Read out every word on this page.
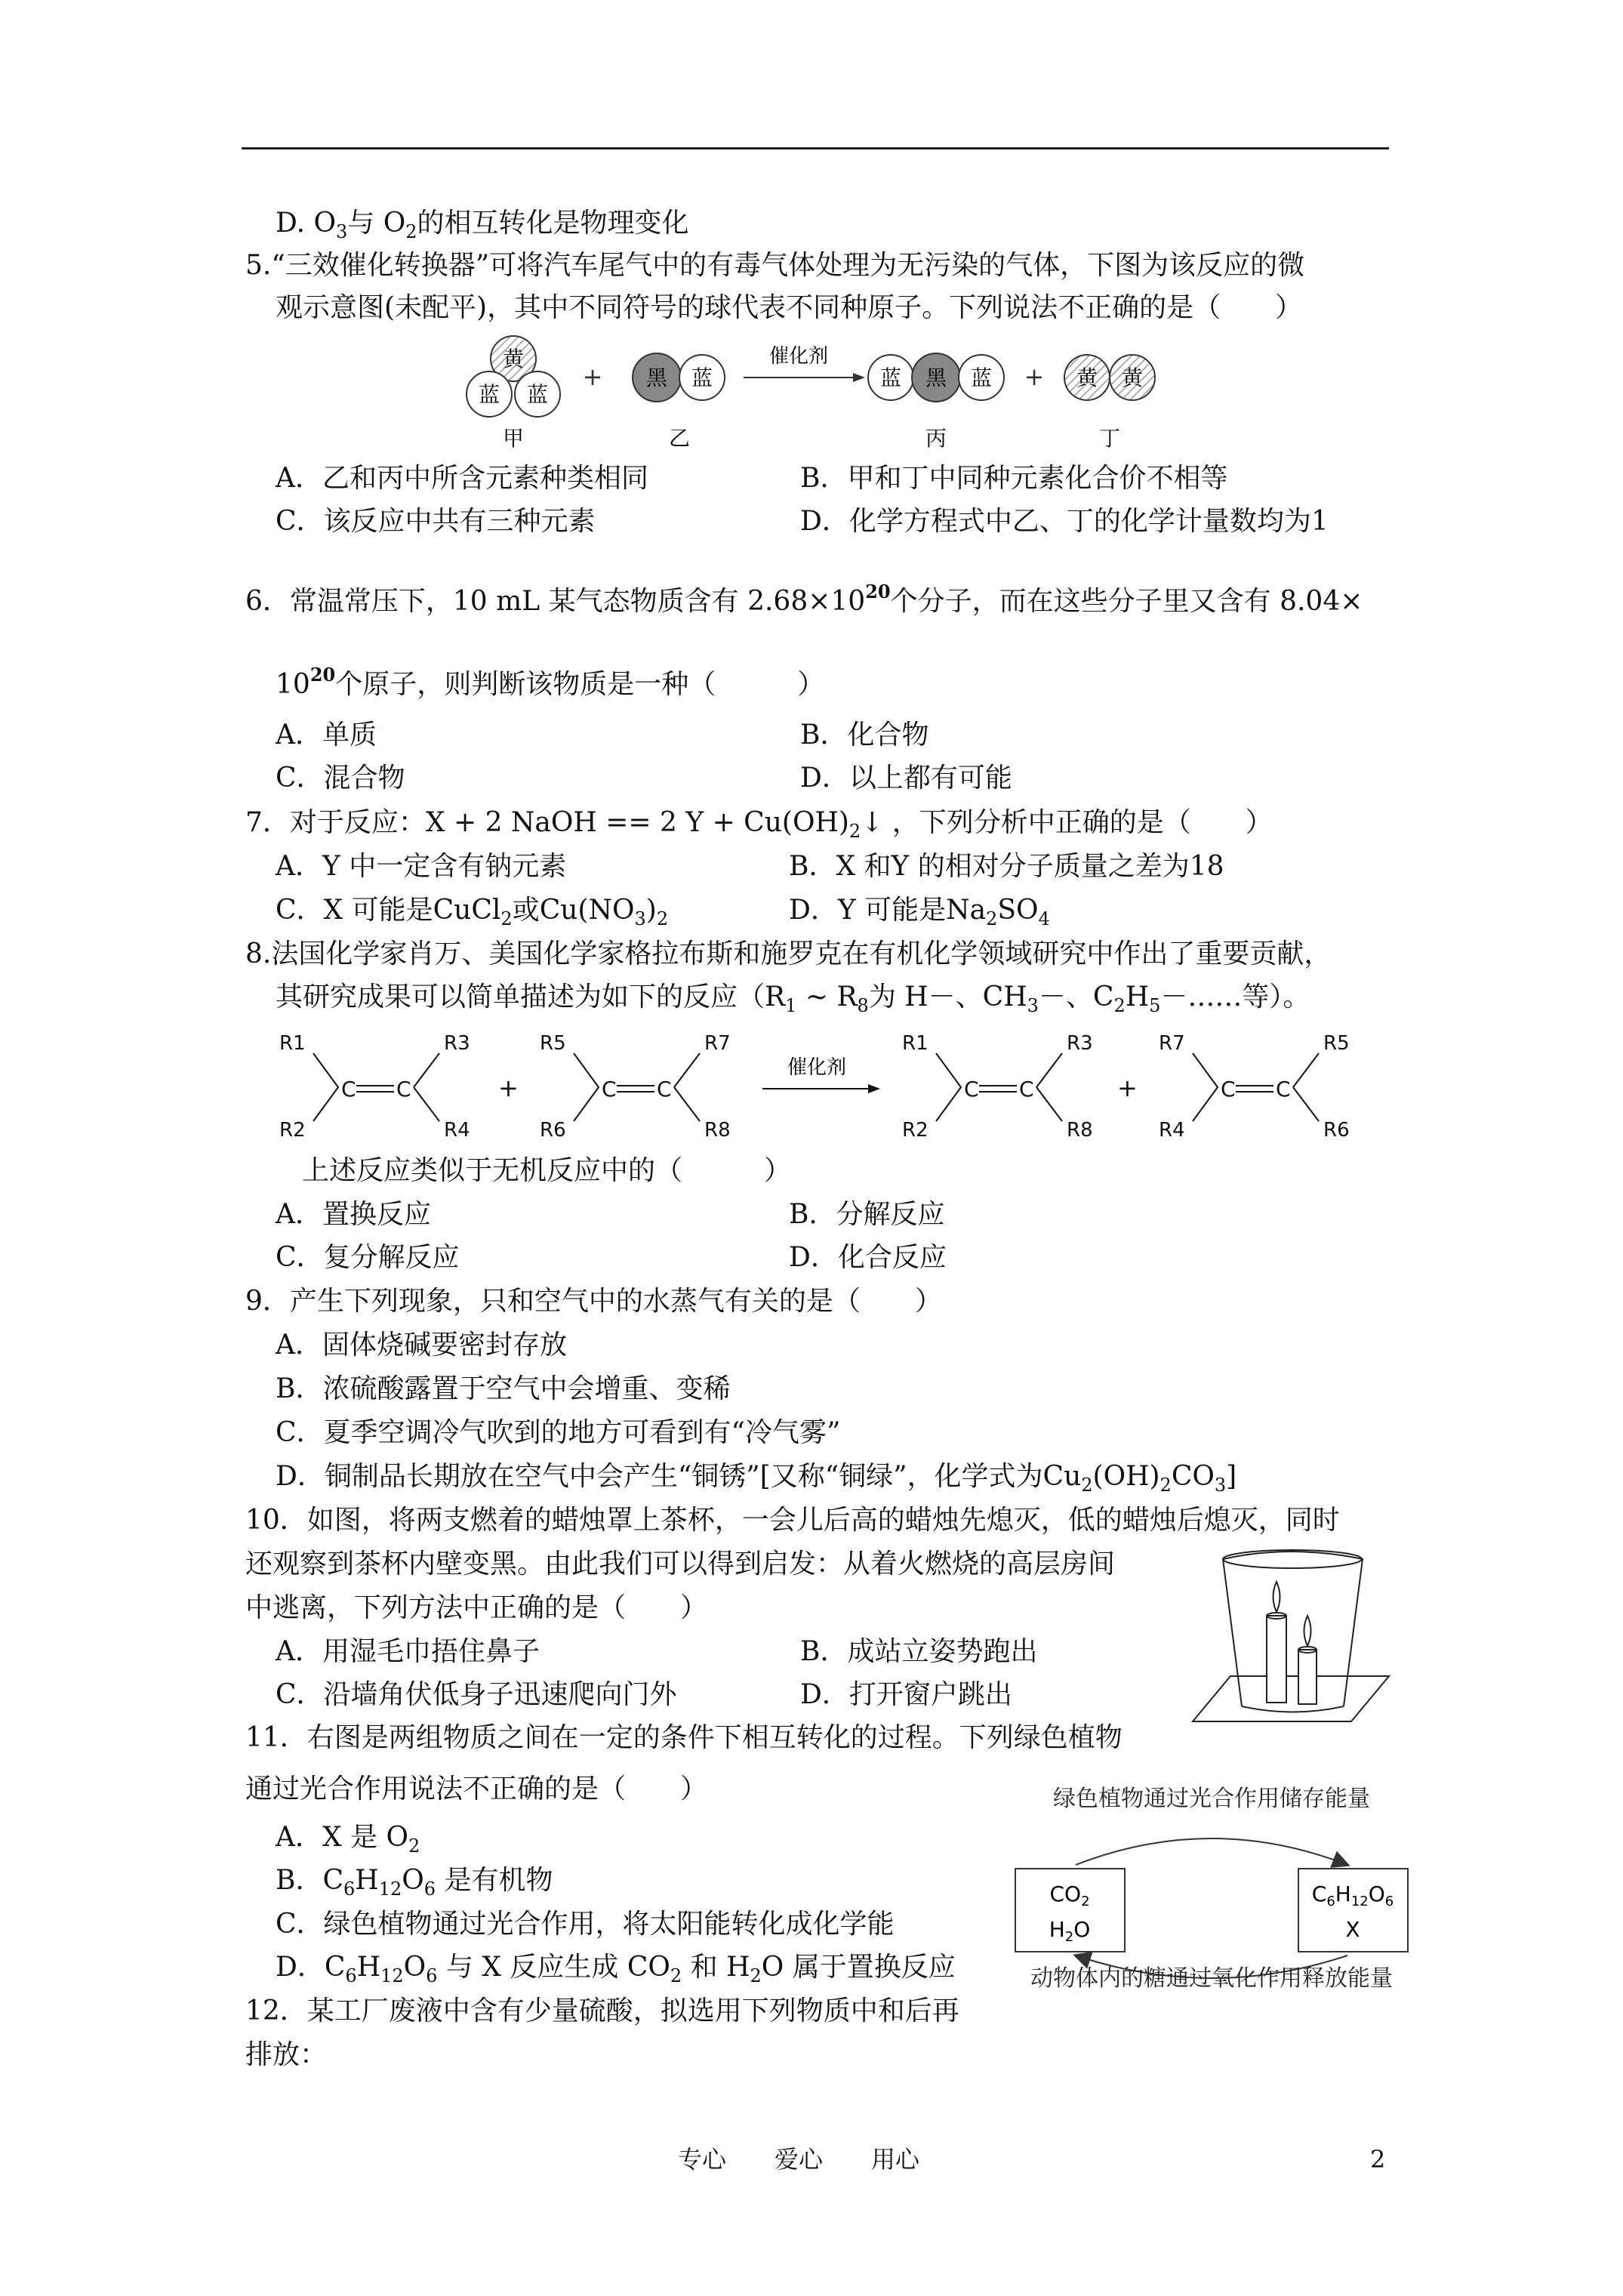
D. $O_3$与 $O_2$的相互转化是物理变化
5.“三效催化转换器”可将汽车尾气中的有毒气体处理为无污染的气体，下图为该反应的微
观示意图(未配平)，其中不同符号的球代表不同种原子。下列说法不正确的是（　　）
黄
蓝 蓝
+ 黑 蓝
催化剂
蓝 黑 蓝 + 黄 黄
甲	乙	丙	丁
A．乙和丙中所含元素种类相同	B．甲和丁中同种元素化合价不相等
C．该反应中共有三种元素	D．化学方程式中乙、丁的化学计量数均为1
6．常温常压下，10 mL 某气态物质含有 $2.68\times 10^{20}$个分子，而在这些分子里又含有 8.04×
$10^{20}$个原子，则判断该物质是一种（　　　）
A．单质	B．化合物
C．混合物	D．以上都有可能
7．对于反应：X + 2 NaOH == 2 $Y + Cu(OH)_2↓$ ，下列分析中正确的是（　　）
A．Y 中一定含有钠元素	B．X 和Y 的相对分子质量之差为18
C．X 可能是CuCl$_2$或$Cu(NO_3)_2$	D．Y 可能是$Na_2SO_4$
8.法国化学家肖万、美国化学家格拉布斯和施罗克在有机化学领域研究中作出了重要贡献，
其研究成果可以简单描述为如下的反应（$R_1$ ~ $R_8$为 H－、$CH_3-$、$C_2H_5-\dots\dots$等）。
R1
R2
R3
R4
R5
R6
R7
R8
R1
R2
R3
R8
R7
R4
R5
R6
C C	C C	C C	C C
+	+
催化剂
上述反应类似于无机反应中的（　　　）
A．置换反应	B．分解反应
C．复分解反应	D．化合反应
9．产生下列现象，只和空气中的水蒸气有关的是（　　）
A．固体烧碱要密封存放
B．浓硫酸露置于空气中会增重、变稀
C．夏季空调冷气吹到的地方可看到有“冷气雾”
D．铜制品长期放在空气中会产生“铜锈”[又称“铜绿”，化学式为$Cu_2(OH)_2CO_3$]
10．如图，将两支燃着的蜡烛罩上茶杯，一会儿后高的蜡烛先熄灭，低的蜡烛后熄灭，同时
还观察到茶杯内壁变黑。由此我们可以得到启发：从着火燃烧的高层房间
中逃离，下列方法中正确的是（　　）
A．用湿毛巾捂住鼻子	B．成站立姿势跑出
C．沿墙角伏低身子迅速爬向门外	D．打开窗户跳出
11．右图是两组物质之间在一定的条件下相互转化的过程。下列绿色植物
通过光合作用说法不正确的是（　　）
A．X 是 $O_2$
B．$C_6H_{12}O_6$ 是有机物
C．绿色植物通过光合作用，将太阳能转化成化学能
D．$C_6H_{12}O_6$ 与 X 反应生成 $CO_2$ 和 $H_2O$ 属于置换反应
绿色植物通过光合作用储存能量
$CO_2$
$H_2O$
$C_6H_{12}O_6$
X
动物体内的糖通过氧化作用释放能量
12．某工厂废液中含有少量硫酸，拟选用下列物质中和后再
排放：
专心　　爱心　　用心	2
